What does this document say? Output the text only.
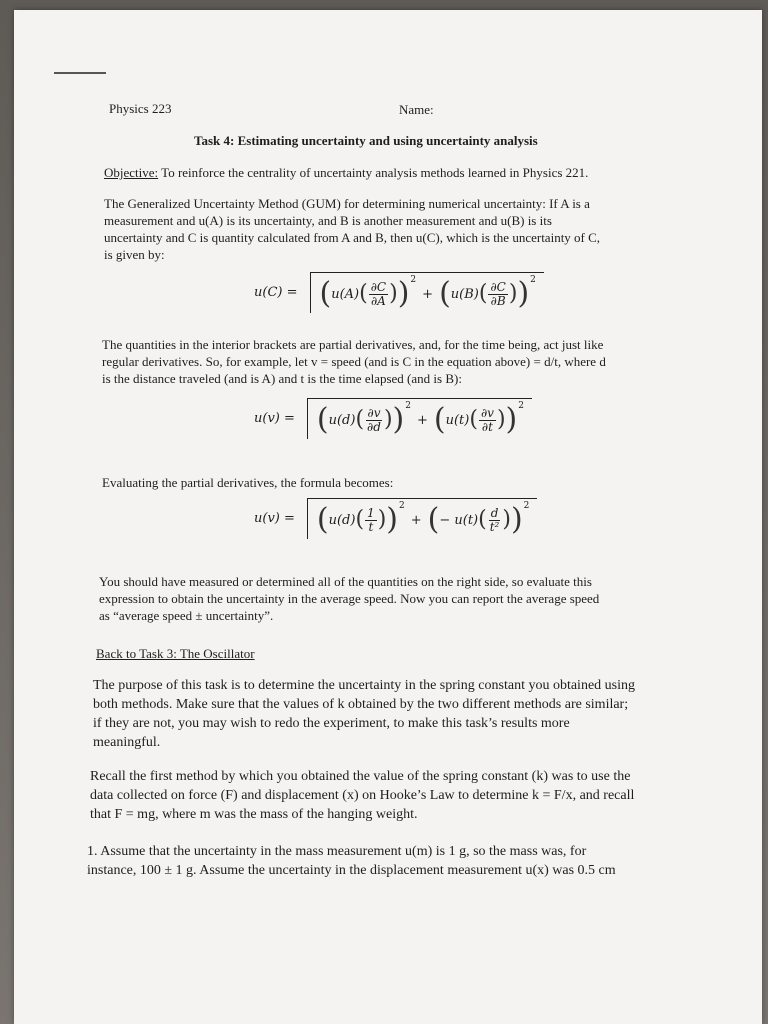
Physics 223	Name:
Task 4: Estimating uncertainty and using uncertainty analysis
Objective: To reinforce the centrality of uncertainty analysis methods learned in Physics 221.
The Generalized Uncertainty Method (GUM) for determining numerical uncertainty: If A is a
measurement and u(A) is its uncertainty, and B is another measurement and u(B) is its
uncertainty and C is quantity calculated from A and B, then u(C), which is the uncertainty of C,
is given by:
u(C) = ( u(A) ( $\frac{\partial C}{\partial A}$ ) ) 2
+ ( u(B) ( $\frac{\partial C}{\partial B}$ ) ) 2
The quantities in the interior brackets are partial derivatives, and, for the time being, act just like
regular derivatives. So, for example, let v = speed (and is C in the equation above) = d/t, where d
is the distance traveled (and is A) and t is the time elapsed (and is B):
u(v) = ( u(d) ( $\frac{\partial v}{\partial d}$ ) ) 2
+ ( u(t) ( $\frac{\partial v}{\partial t}$ ) ) 2
Evaluating the partial derivatives, the formula becomes:
u(v) = ( u(d) ( $\frac{1}{t}$ ) ) 2
+ ( − u(t) ( $\frac{d}{\text{t²}}$ ) ) 2
You should have measured or determined all of the quantities on the right side, so evaluate this
expression to obtain the uncertainty in the average speed. Now you can report the average speed
as “average speed ± uncertainty”.
Back to Task 3: The Oscillator
The purpose of this task is to determine the uncertainty in the spring constant you obtained using
both methods. Make sure that the values of k obtained by the two different methods are similar;
if they are not, you may wish to redo the experiment, to make this task’s results more
meaningful.
Recall the first method by which you obtained the value of the spring constant (k) was to use the
data collected on force (F) and displacement (x) on Hooke’s Law to determine k = F/x, and recall
that F = mg, where m was the mass of the hanging weight.
1. Assume that the uncertainty in the mass measurement u(m) is 1 g, so the mass was, for
instance, 100 ± 1 g. Assume the uncertainty in the displacement measurement u(x) was 0.5 cm
